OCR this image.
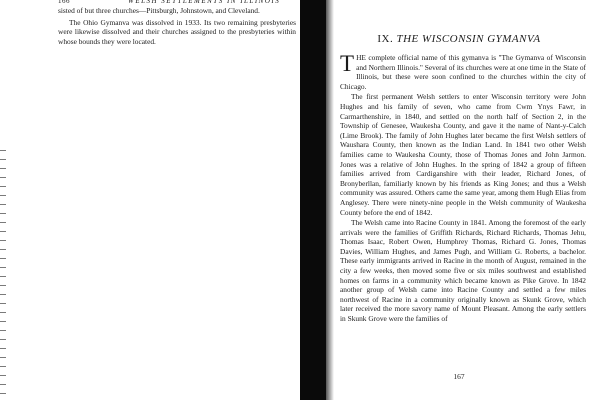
166	WELSH SETTLEMENTS IN ILLINOIS

sisted of but three churches—Pittsburgh, Johnstown, and Cleveland.

The Ohio Gymanva was dissolved in 1933. Its two remaining presbyteries were likewise dissolved and their churches assigned to the presbyteries within whose bounds they were located.	IX. THE WISCONSIN GYMANVA

THE complete official name of this gymanva is "The Gymanva of Wisconsin and Northern Illinois." Several of its churches were at one time in the State of Illinois, but these were soon confined to the churches within the city of Chicago.

The first permanent Welsh settlers to enter Wisconsin territory were John Hughes and his family of seven, who came from Cwm Ynys Fawr, in Carmarthenshire, in 1840, and settled on the north half of Section 2, in the Township of Genesee, Waukesha County, and gave it the name of Nant-y-Calch (Lime Brook). The family of John Hughes later became the first Welsh settlers of Waushara County, then known as the Indian Land. In 1841 two other Welsh families came to Waukesha County, those of Thomas Jones and John Jarmon. Jones was a relative of John Hughes. In the spring of 1842 a group of fifteen families arrived from Cardiganshire with their leader, Richard Jones, of Bronyberllan, familiarly known by his friends as King Jones; and thus a Welsh community was assured. Others came the same year, among them Hugh Elias from Anglesey. There were ninety-nine people in the Welsh community of Waukesha County before the end of 1842.

The Welsh came into Racine County in 1841. Among the foremost of the early arrivals were the families of Griffith Richards, Richard Richards, Thomas Jehu, Thomas Isaac, Robert Owen, Humphrey Thomas, Richard G. Jones, Thomas Davies, William Hughes, and James Pugh, and William G. Roberts, a bachelor. These early immigrants arrived in Racine in the month of August, remained in the city a few weeks, then moved some five or six miles southwest and established homes on farms in a community which became known as Pike Grove. In 1842 another group of Welsh came into Racine County and settled a few miles northwest of Racine in a community originally known as Skunk Grove, which later received the more savory name of Mount Pleasant. Among the early settlers in Skunk Grove were the families of

167
